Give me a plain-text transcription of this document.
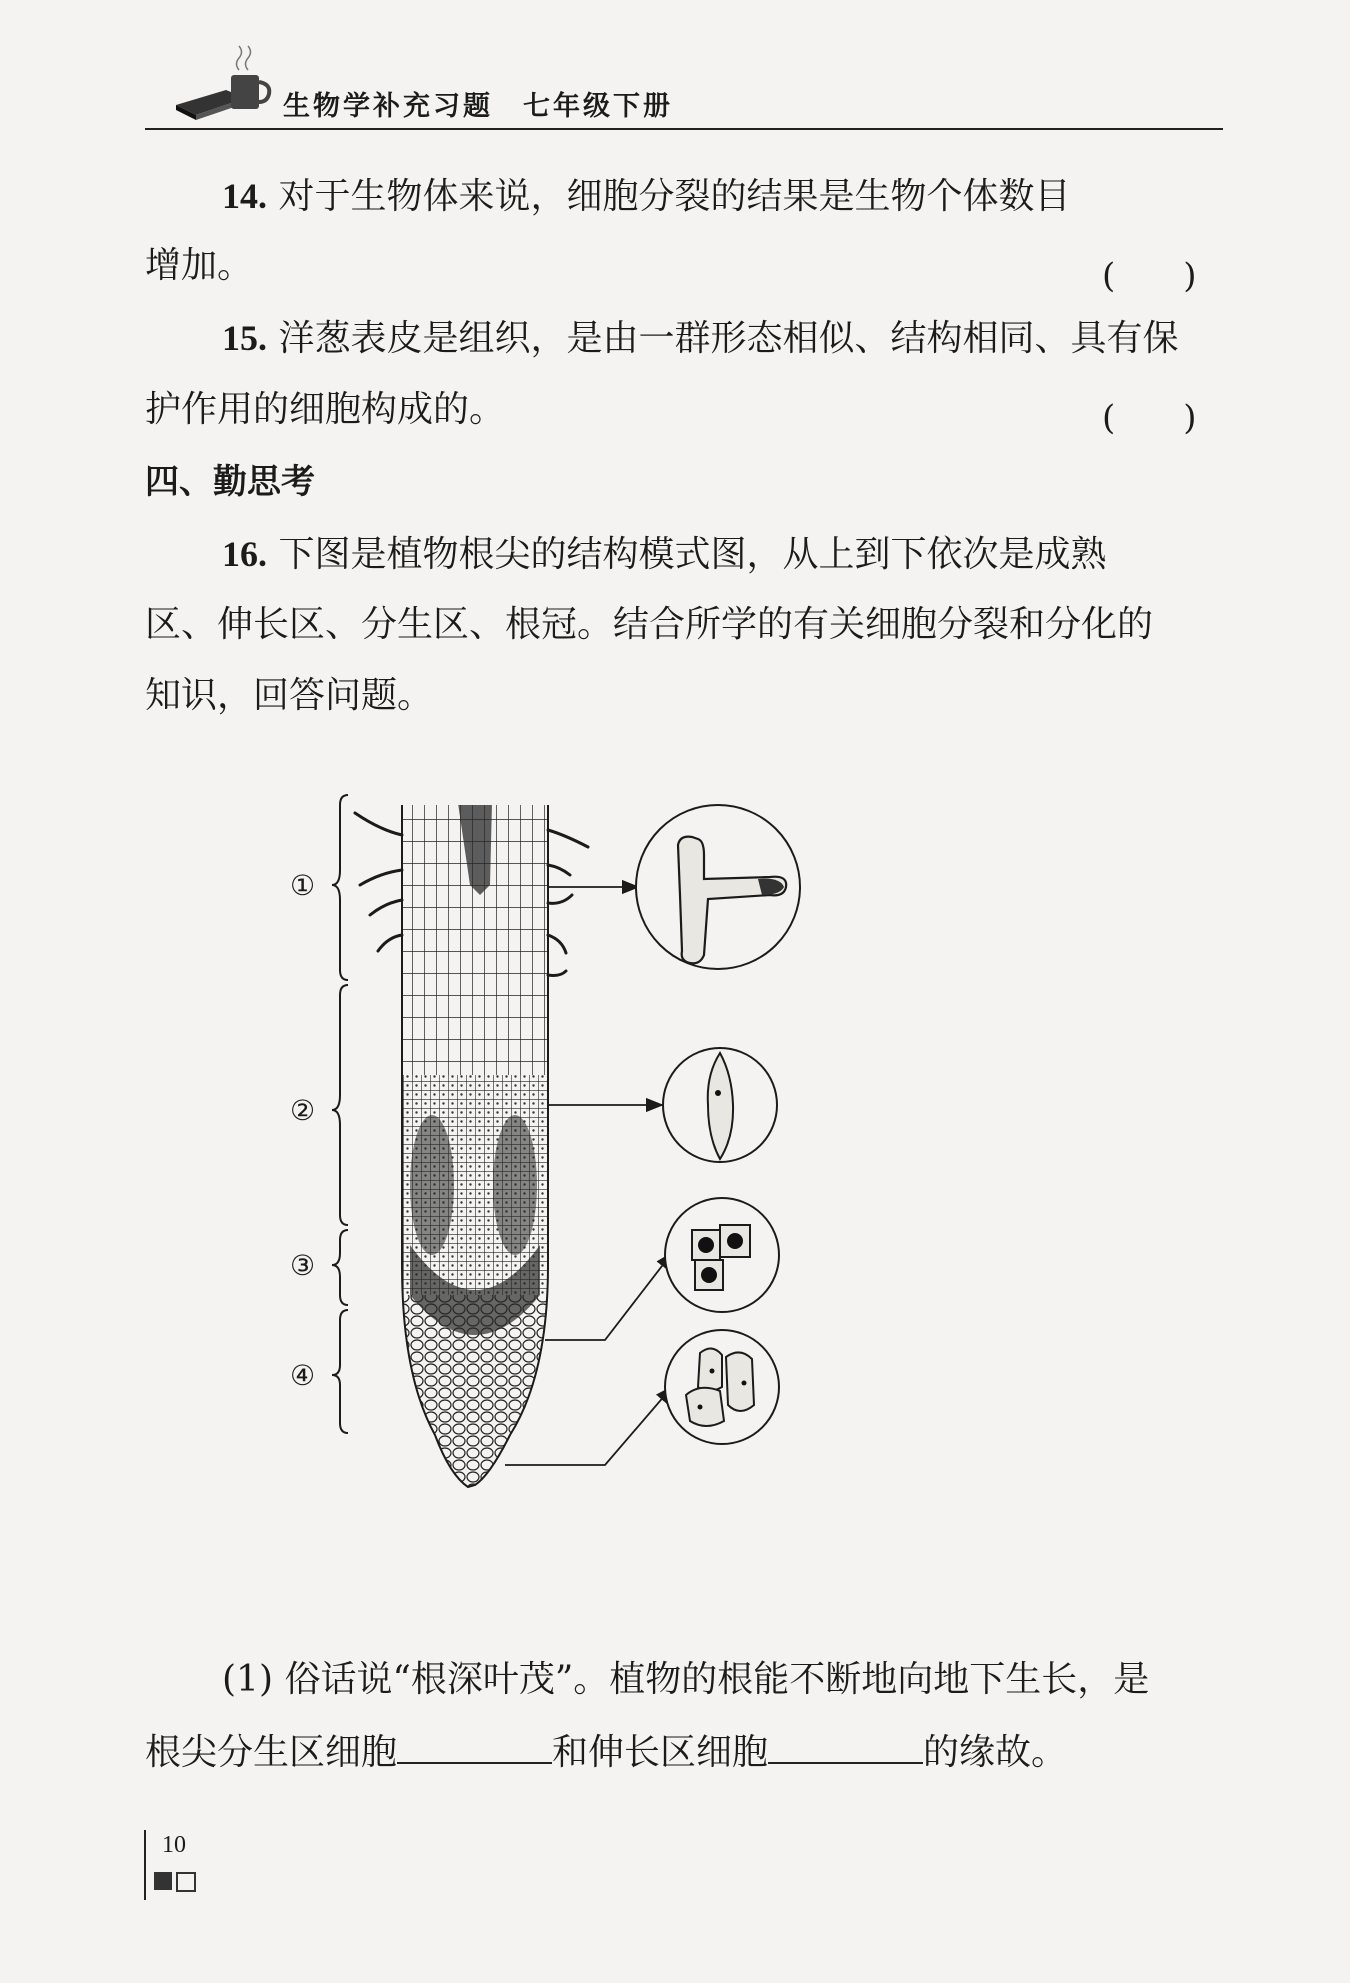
生物学补充习题　七年级下册
14. 对于生物体来说，细胞分裂的结果是生物个体数目
增加。	(　　)
15. 洋葱表皮是组织，是由一群形态相似、结构相同、具有保
护作用的细胞构成的。	(　　)
四、勤思考
16. 下图是植物根尖的结构模式图，从上到下依次是成熟
区、伸长区、分生区、根冠。结合所学的有关细胞分裂和分化的
知识，回答问题。
①
②
③
④
(1) 俗话说“根深叶茂”。植物的根能不断地向地下生长，是
根尖分生区细胞	和伸长区细胞	的缘故。
10
